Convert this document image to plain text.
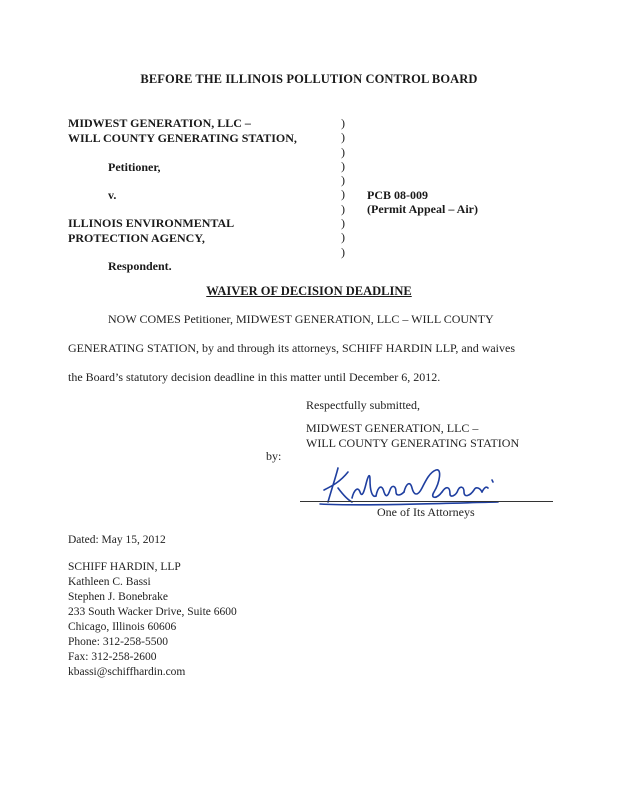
BEFORE THE ILLINOIS POLLUTION CONTROL BOARD
MIDWEST GENERATION, LLC –
WILL COUNTY GENERATING STATION,
Petitioner,
v.
ILLINOIS ENVIRONMENTAL
PROTECTION AGENCY,
Respondent.
)
)
)
)
)
)
)
)
)
)
PCB 08-009
(Permit Appeal – Air)
WAIVER OF DECISION DEADLINE
NOW COMES Petitioner, MIDWEST GENERATION, LLC – WILL COUNTY
GENERATING STATION, by and through its attorneys, SCHIFF HARDIN LLP, and waives
the Board’s statutory decision deadline in this matter until December 6, 2012.
Respectfully submitted,
MIDWEST GENERATION, LLC –
WILL COUNTY GENERATING STATION
by:
One of Its Attorneys
Dated: May 15, 2012
SCHIFF HARDIN, LLP
Kathleen C. Bassi
Stephen J. Bonebrake
233 South Wacker Drive, Suite 6600
Chicago, Illinois 60606
Phone: 312-258-5500
Fax: 312-258-2600
kbassi@schiffhardin.com
